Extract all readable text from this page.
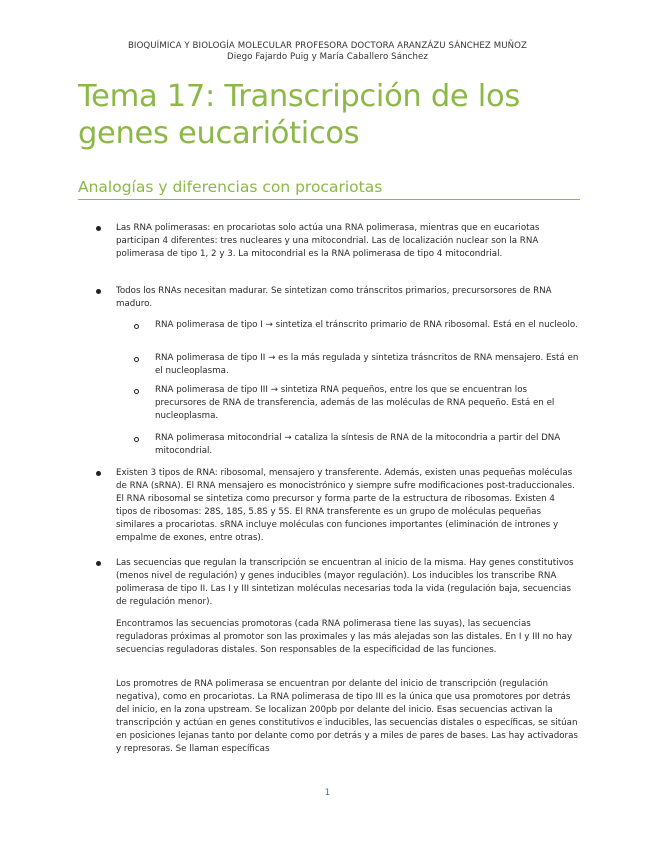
BIOQUÍMICA Y BIOLOGÍA MOLECULAR PROFESORA DOCTORA ARANZÁZU SÁNCHEZ MUÑOZ
Diego Fajardo Puig y María Caballero Sánchez
Tema 17: Transcripción de los genes eucarióticos
Analogías y diferencias con procariotas
Las RNA polimerasas: en procariotas solo actúa una RNA polimerasa, mientras que en eucariotas participan 4 diferentes: tres nucleares y una mitocondrial. Las de localización nuclear son la RNA polimerasa de tipo 1, 2 y 3. La mitocondrial es la RNA polimerasa de tipo 4 mitocondrial.
Todos los RNAs necesitan madurar. Se sintetizan como tránscritos primarios, precursorsores de RNA maduro.
RNA polimerasa de tipo I → sintetiza el tránscrito primario de RNA ribosomal. Está en el nucleolo.
RNA polimerasa de tipo II → es la más regulada y sintetiza trásncritos de RNA mensajero. Está en el nucleoplasma.
RNA polimerasa de tipo III → sintetiza RNA pequeños, entre los que se encuentran los precursores de RNA de transferencia, además de las moléculas de RNA pequeño. Está en el nucleoplasma.
RNA polimerasa mitocondrial → cataliza la síntesis de RNA de la mitocondria a partir del DNA mitocondrial.
Existen 3 tipos de RNA: ribosomal, mensajero y transferente. Además, existen unas pequeñas moléculas de RNA (sRNA). El RNA mensajero es monocistrónico y siempre sufre modificaciones post-traduccionales. El RNA ribosomal se sintetiza como precursor y forma parte de la estructura de ribosomas. Existen 4 tipos de ribosomas: 28S, 18S, 5.8S y 5S. El RNA transferente es un grupo de moléculas pequeñas similares a procariotas. sRNA incluye moléculas con funciones importantes (eliminación de intrones y empalme de exones, entre otras).
Las secuencias que regulan la transcripción se encuentran al inicio de la misma. Hay genes constitutivos (menos nivel de regulación) y genes inducibles (mayor regulación). Los inducibles los transcribe RNA polimerasa de tipo II. Las I y III sintetizan moléculas necesarias toda la vida (regulación baja, secuencias de regulación menor).
Encontramos las secuencias promotoras (cada RNA polimerasa tiene las suyas), las secuencias reguladoras próximas al promotor son las proximales y las más alejadas son las distales. En I y III no hay secuencias reguladoras distales. Son responsables de la especificidad de las funciones.
Los promotres de RNA polimerasa se encuentran por delante del inicio de transcripción (regulación negativa), como en procariotas. La RNA polimerasa de tipo III es la única que usa promotores por detrás del inicio, en la zona upstream. Se localizan 200pb por delante del inicio. Esas secuencias activan la transcripción y actúan en genes constitutivos e inducibles, las secuencias distales o específicas, se sitúan en posiciones lejanas tanto por delante como por detrás y a miles de pares de bases. Las hay activadoras y represoras. Se llaman específicas
1
